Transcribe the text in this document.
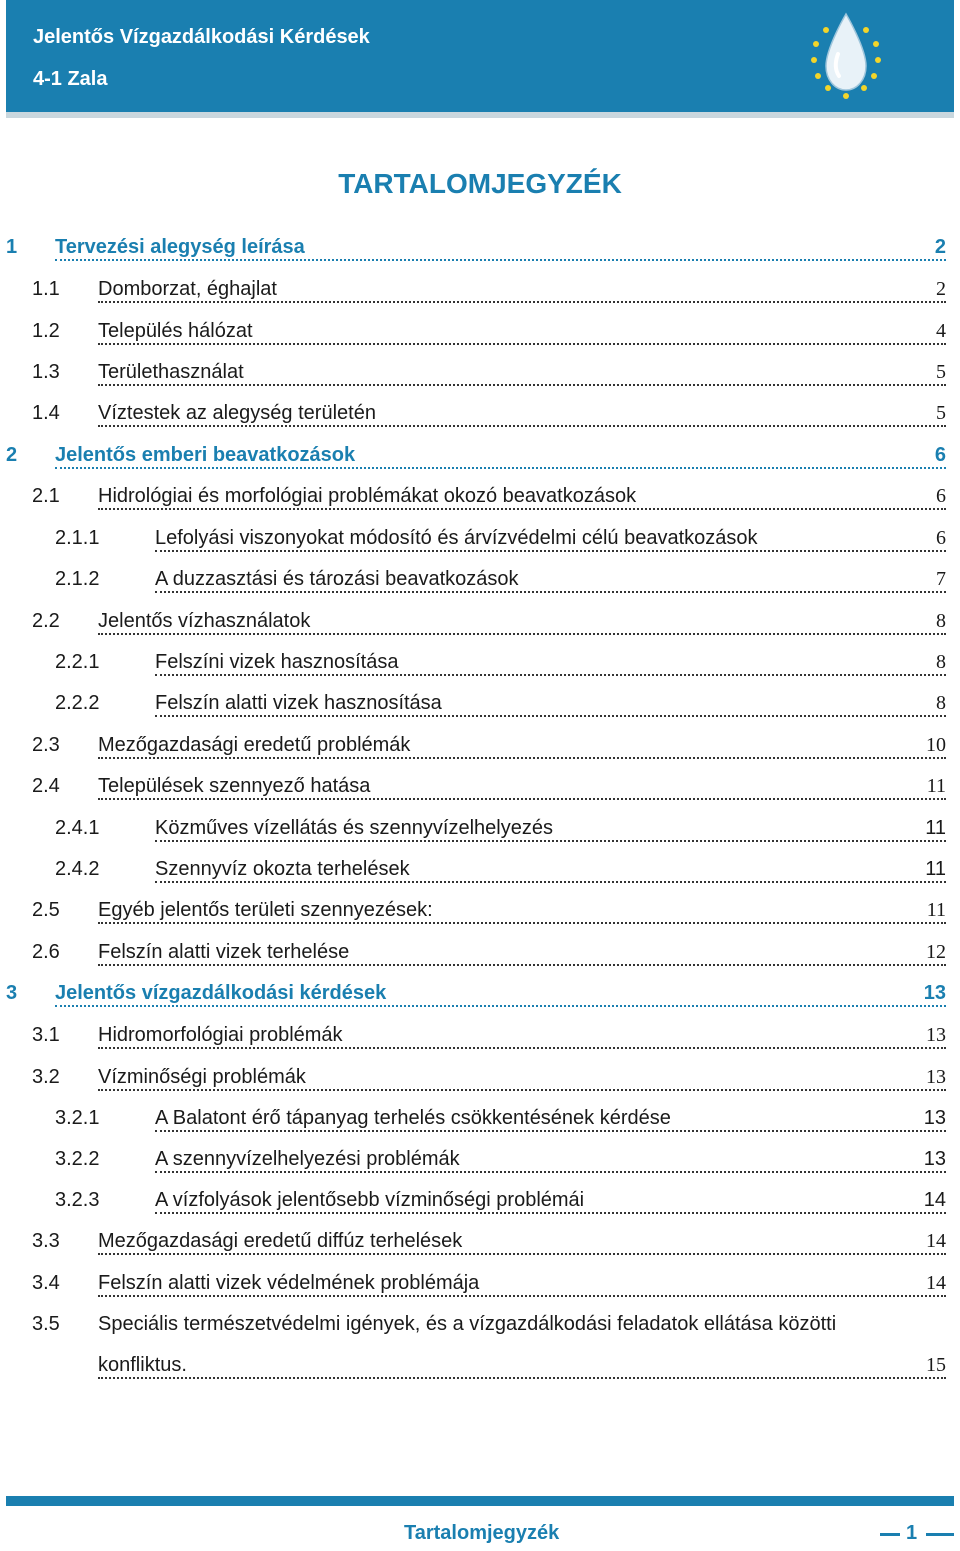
Jelentős Vízgazdálkodási Kérdések
4-1 Zala
TARTALOMJEGYZÉK
1 Tervezési alegység leírása	2
1.1 Domborzat, éghajlat	2
1.2 Település hálózat	4
1.3 Területhasználat	5
1.4 Víztestek az alegység területén	5
2 Jelentős emberi beavatkozások	6
2.1 Hidrológiai és morfológiai problémákat okozó beavatkozások	6
2.1.1	Lefolyási viszonyokat módosító és árvízvédelmi célú beavatkozások	6
2.1.2	A duzzasztási és tározási beavatkozások	7
2.2 Jelentős vízhasználatok	8
2.2.1	Felszíni vizek hasznosítása	8
2.2.2	Felszín alatti vizek hasznosítása	8
2.3 Mezőgazdasági eredetű problémák	10
2.4 Települések szennyező hatása	11
2.4.1	Közműves vízellátás és szennyvízelhelyezés	11
2.4.2	Szennyvíz okozta terhelések	11
2.5 Egyéb jelentős területi szennyezések:	11
2.6 Felszín alatti vizek terhelése	12
3 Jelentős vízgazdálkodási kérdések	13
3.1 Hidromorfológiai problémák	13
3.2 Vízminőségi problémák	13
3.2.1	A Balatont érő tápanyag terhelés csökkentésének kérdése	13
3.2.2	A szennyvízelhelyezési problémák	13
3.2.3	A vízfolyások jelentősebb vízminőségi problémái	14
3.3 Mezőgazdasági eredetű diffúz terhelések	14
3.4 Felszín alatti vizek védelmének problémája	14
3.5 Speciális természetvédelmi igények, és a vízgazdálkodási feladatok ellátása közötti
konfliktus.	15
Tartalomjegyzék	1
